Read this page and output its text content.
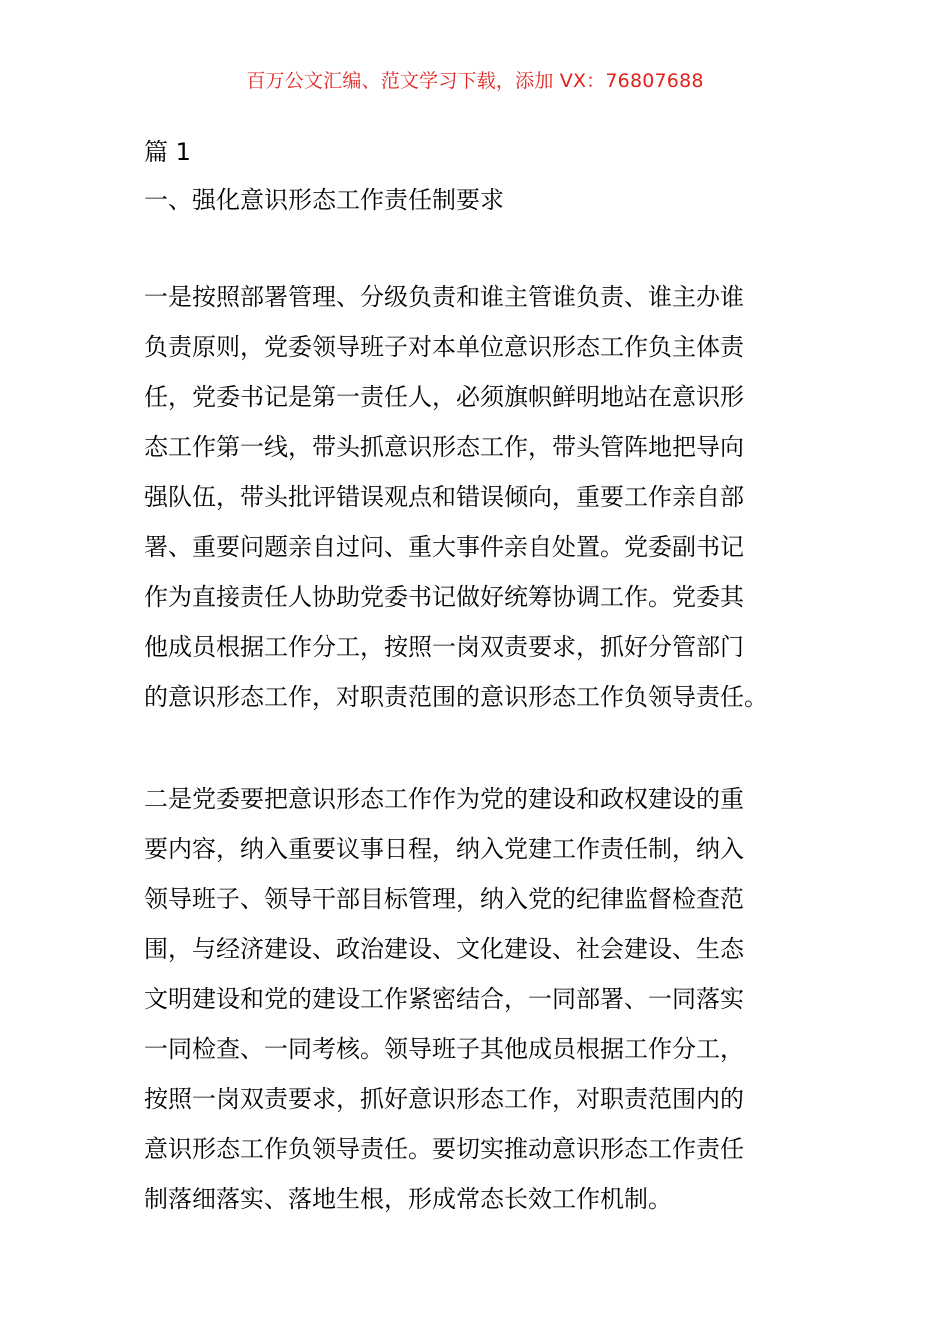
百万公文汇编、范文学习下载，添加 VX：76807688

篇 1

一、强化意识形态工作责任制要求

一是按照部署管理、分级负责和谁主管谁负责、谁主办谁
负责原则，党委领导班子对本单位意识形态工作负主体责
任，党委书记是第一责任人，必须旗帜鲜明地站在意识形
态工作第一线，带头抓意识形态工作，带头管阵地把导向
强队伍，带头批评错误观点和错误倾向，重要工作亲自部
署、重要问题亲自过问、重大事件亲自处置。党委副书记
作为直接责任人协助党委书记做好统筹协调工作。党委其
他成员根据工作分工，按照一岗双责要求，抓好分管部门
的意识形态工作，对职责范围的意识形态工作负领导责任。
二是党委要把意识形态工作作为党的建设和政权建设的重
要内容，纳入重要议事日程，纳入党建工作责任制，纳入
领导班子、领导干部目标管理，纳入党的纪律监督检查范
围，与经济建设、政治建设、文化建设、社会建设、生态
文明建设和党的建设工作紧密结合，一同部署、一同落实
一同检查、一同考核。领导班子其他成员根据工作分工，
按照一岗双责要求，抓好意识形态工作，对职责范围内的
意识形态工作负领导责任。要切实推动意识形态工作责任
制落细落实、落地生根，形成常态长效工作机制。
